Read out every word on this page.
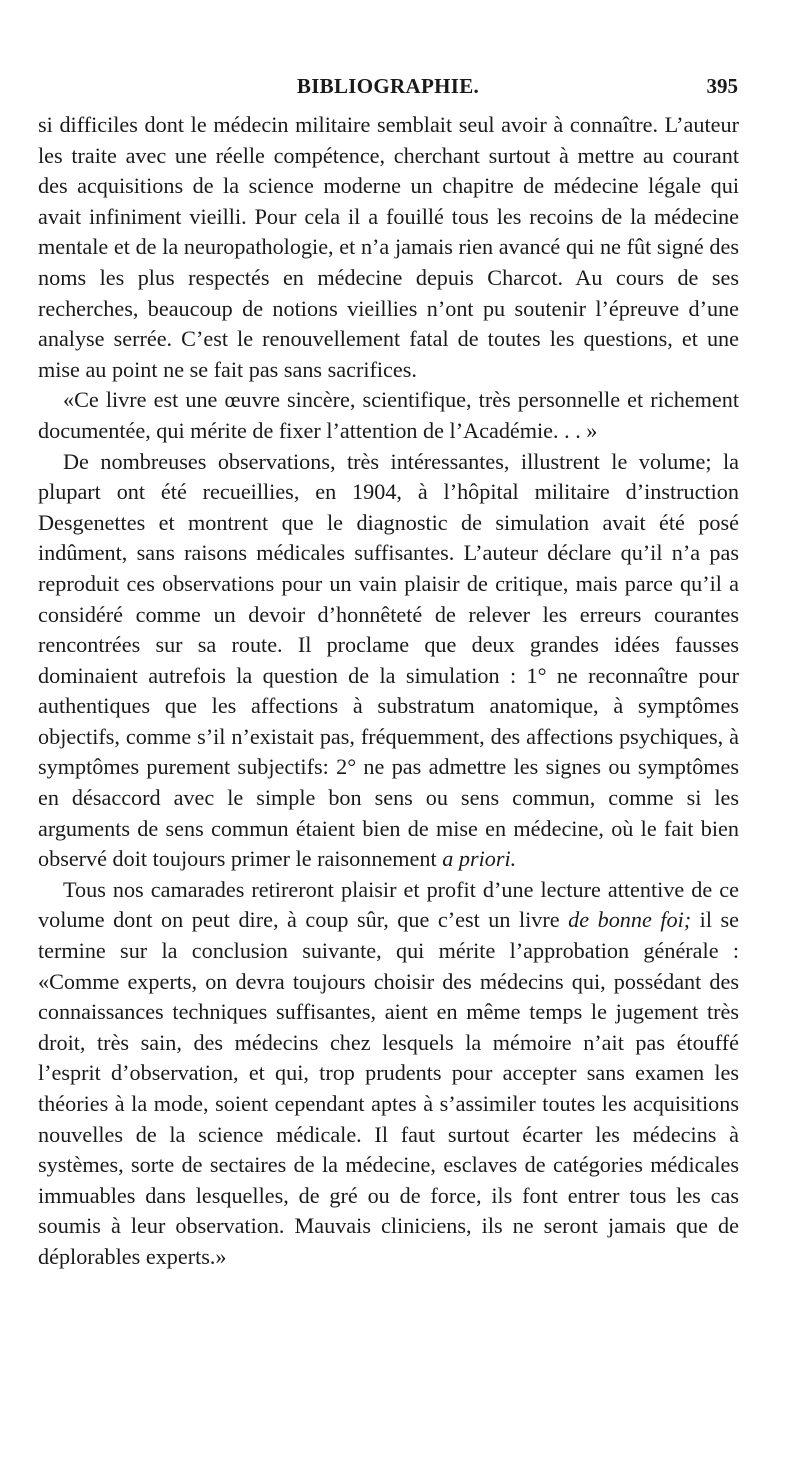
BIBLIOGRAPHIE.	395

si difficiles dont le médecin militaire semblait seul avoir à connaître. L’auteur les traite avec une réelle compétence, cherchant surtout à mettre au courant des acquisitions de la science moderne un chapitre de médecine légale qui avait infiniment vieilli. Pour cela il a fouillé tous les recoins de la médecine mentale et de la neuropathologie, et n’a jamais rien avancé qui ne fût signé des noms les plus respectés en médecine depuis Charcot. Au cours de ses recherches, beaucoup de notions vieillies n’ont pu soutenir l’épreuve d’une analyse serrée. C’est le renouvellement fatal de toutes les questions, et une mise au point ne se fait pas sans sacrifices.

«Ce livre est une œuvre sincère, scientifique, très personnelle et richement documentée, qui mérite de fixer l’attention de l’Académie. . . »

De nombreuses observations, très intéressantes, illustrent le volume; la plupart ont été recueillies, en 1904, à l’hôpital militaire d’instruction Desgenettes et montrent que le diagnostic de simulation avait été posé indûment, sans raisons médicales suffisantes. L’auteur déclare qu’il n’a pas reproduit ces observations pour un vain plaisir de critique, mais parce qu’il a considéré comme un devoir d’honnêteté de relever les erreurs courantes rencontrées sur sa route. Il proclame que deux grandes idées fausses dominaient autrefois la question de la simulation : 1° ne reconnaître pour authentiques que les affections à substratum anatomique, à symptômes objectifs, comme s’il n’existait pas, fréquemment, des affections psychiques, à symptômes purement subjectifs: 2° ne pas admettre les signes ou symptômes en désaccord avec le simple bon sens ou sens commun, comme si les arguments de sens commun étaient bien de mise en médecine, où le fait bien observé doit toujours primer le raisonnement a priori.

Tous nos camarades retireront plaisir et profit d’une lecture attentive de ce volume dont on peut dire, à coup sûr, que c’est un livre de bonne foi; il se termine sur la conclusion suivante, qui mérite l’approbation générale : «Comme experts, on devra toujours choisir des médecins qui, possédant des connaissances techniques suffisantes, aient en même temps le jugement très droit, très sain, des médecins chez lesquels la mémoire n’ait pas étouffé l’esprit d’observation, et qui, trop prudents pour accepter sans examen les théories à la mode, soient cependant aptes à s’assimiler toutes les acquisitions nouvelles de la science médicale. Il faut surtout écarter les médecins à systèmes, sorte de sectaires de la médecine, esclaves de catégories médicales immuables dans lesquelles, de gré ou de force, ils font entrer tous les cas soumis à leur observation. Mauvais cliniciens, ils ne seront jamais que de déplorables experts.»
